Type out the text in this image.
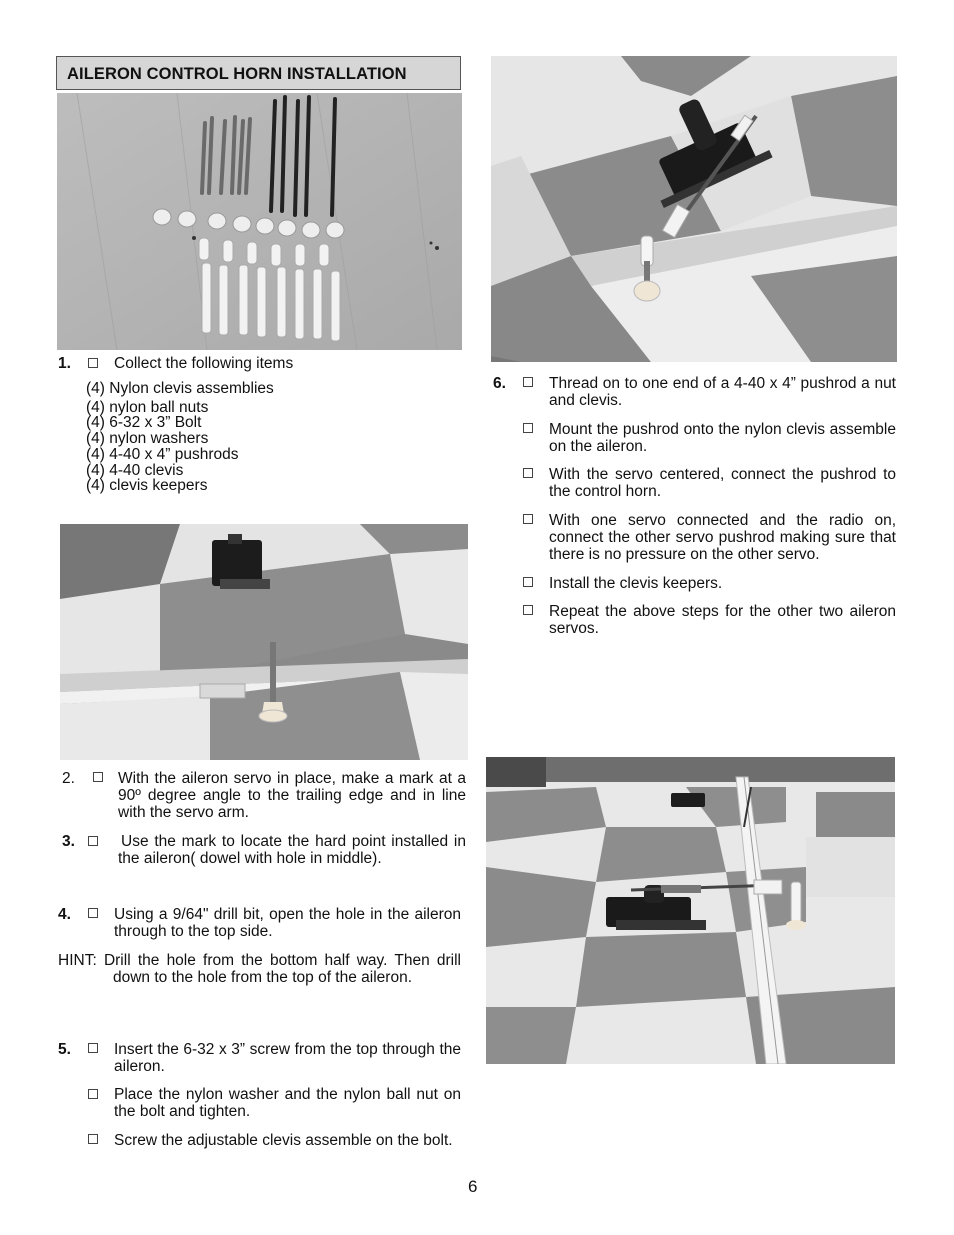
AILERON CONTROL HORN INSTALLATION
1.	Collect the following items
(4) Nylon clevis assemblies
(4) nylon ball nuts
(4) 6-32 x 3” Bolt
(4) nylon washers
(4) 4-40 x 4” pushrods
(4) 4-40 clevis
(4) clevis keepers
2.	With the aileron servo in place, make a mark at a 90º degree angle to the trailing edge and in line with the servo arm.
3.	Use the mark to locate the hard point installed in the aileron( dowel with hole in middle).
4.	Using a 9/64" drill bit, open the hole in the aileron through to the top side.
HINT: Drill the hole from the bottom half way. Then drill down to the hole from the top of the aileron.
5.	Insert the 6-32 x 3” screw from the top through the aileron.
Place the nylon washer and the nylon ball nut on the bolt and tighten.
Screw the adjustable clevis assemble on the bolt.
6.	Thread on to one end of a 4-40 x 4” pushrod a nut and clevis.
Mount the pushrod onto the nylon clevis assemble on the aileron.
With the servo centered, connect the pushrod to the control horn.
With one servo connected and the radio on, connect the other servo pushrod making sure that there is no pressure on the other servo.
Install the clevis keepers.
Repeat the above steps for the other two aileron servos.
6
